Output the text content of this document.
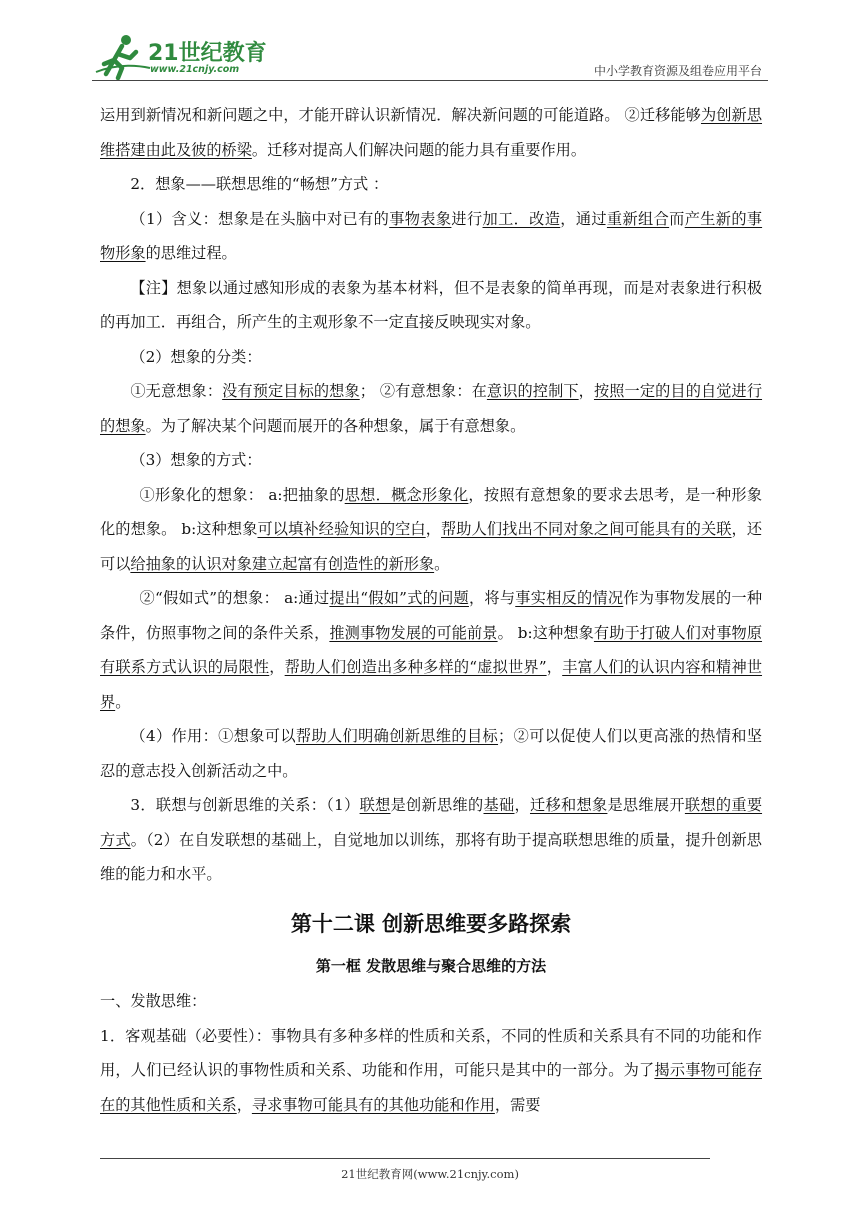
21世纪教育
www.21cnjy.com	中小学教育资源及组卷应用平台

运用到新情况和新问题之中，才能开辟认识新情况．解决新问题的可能道路。 ②迁移能够为创新思维搭建由此及彼的桥梁。迁移对提高人们解决问题的能力具有重要作用。

2．想象——联想思维的“畅想”方式 ：

（1）含义：想象是在头脑中对已有的事物表象进行加工．改造，通过重新组合而产生新的事物形象的思维过程。

【注】想象以通过感知形成的表象为基本材料，但不是表象的简单再现，而是对表象进行积极的再加工．再组合，所产生的主观形象不一定直接反映现实对象。

（2）想象的分类：

①无意想象：没有预定目标的想象； ②有意想象：在意识的控制下，按照一定的目的自觉进行的想象。为了解决某个问题而展开的各种想象，属于有意想象。

（3）想象的方式：

①形象化的想象： a:把抽象的思想．概念形象化，按照有意想象的要求去思考，是一种形象化的想象。 b:这种想象可以填补经验知识的空白，帮助人们找出不同对象之间可能具有的关联，还可以给抽象的认识对象建立起富有创造性的新形象。

②“假如式”的想象： a:通过提出“假如”式的问题，将与事实相反的情况作为事物发展的一种条件，仿照事物之间的条件关系，推测事物发展的可能前景。 b:这种想象有助于打破人们对事物原有联系方式认识的局限性，帮助人们创造出多种多样的“虚拟世界”，丰富人们的认识内容和精神世界。

（4）作用：①想象可以帮助人们明确创新思维的目标；②可以促使人们以更高涨的热情和坚忍的意志投入创新活动之中。

3．联想与创新思维的关系：（1）联想是创新思维的基础，迁移和想象是思维展开联想的重要方式。（2）在自发联想的基础上，自觉地加以训练，那将有助于提高联想思维的质量，提升创新思维的能力和水平。

第十二课 创新思维要多路探索
第一框 发散思维与聚合思维的方法

一、发散思维：

1．客观基础（必要性）：事物具有多种多样的性质和关系，不同的性质和关系具有不同的功能和作用，人们已经认识的事物性质和关系、功能和作用，可能只是其中的一部分。为了揭示事物可能存在的其他性质和关系，寻求事物可能具有的其他功能和作用，需要

21世纪教育网(www.21cnjy.com)
